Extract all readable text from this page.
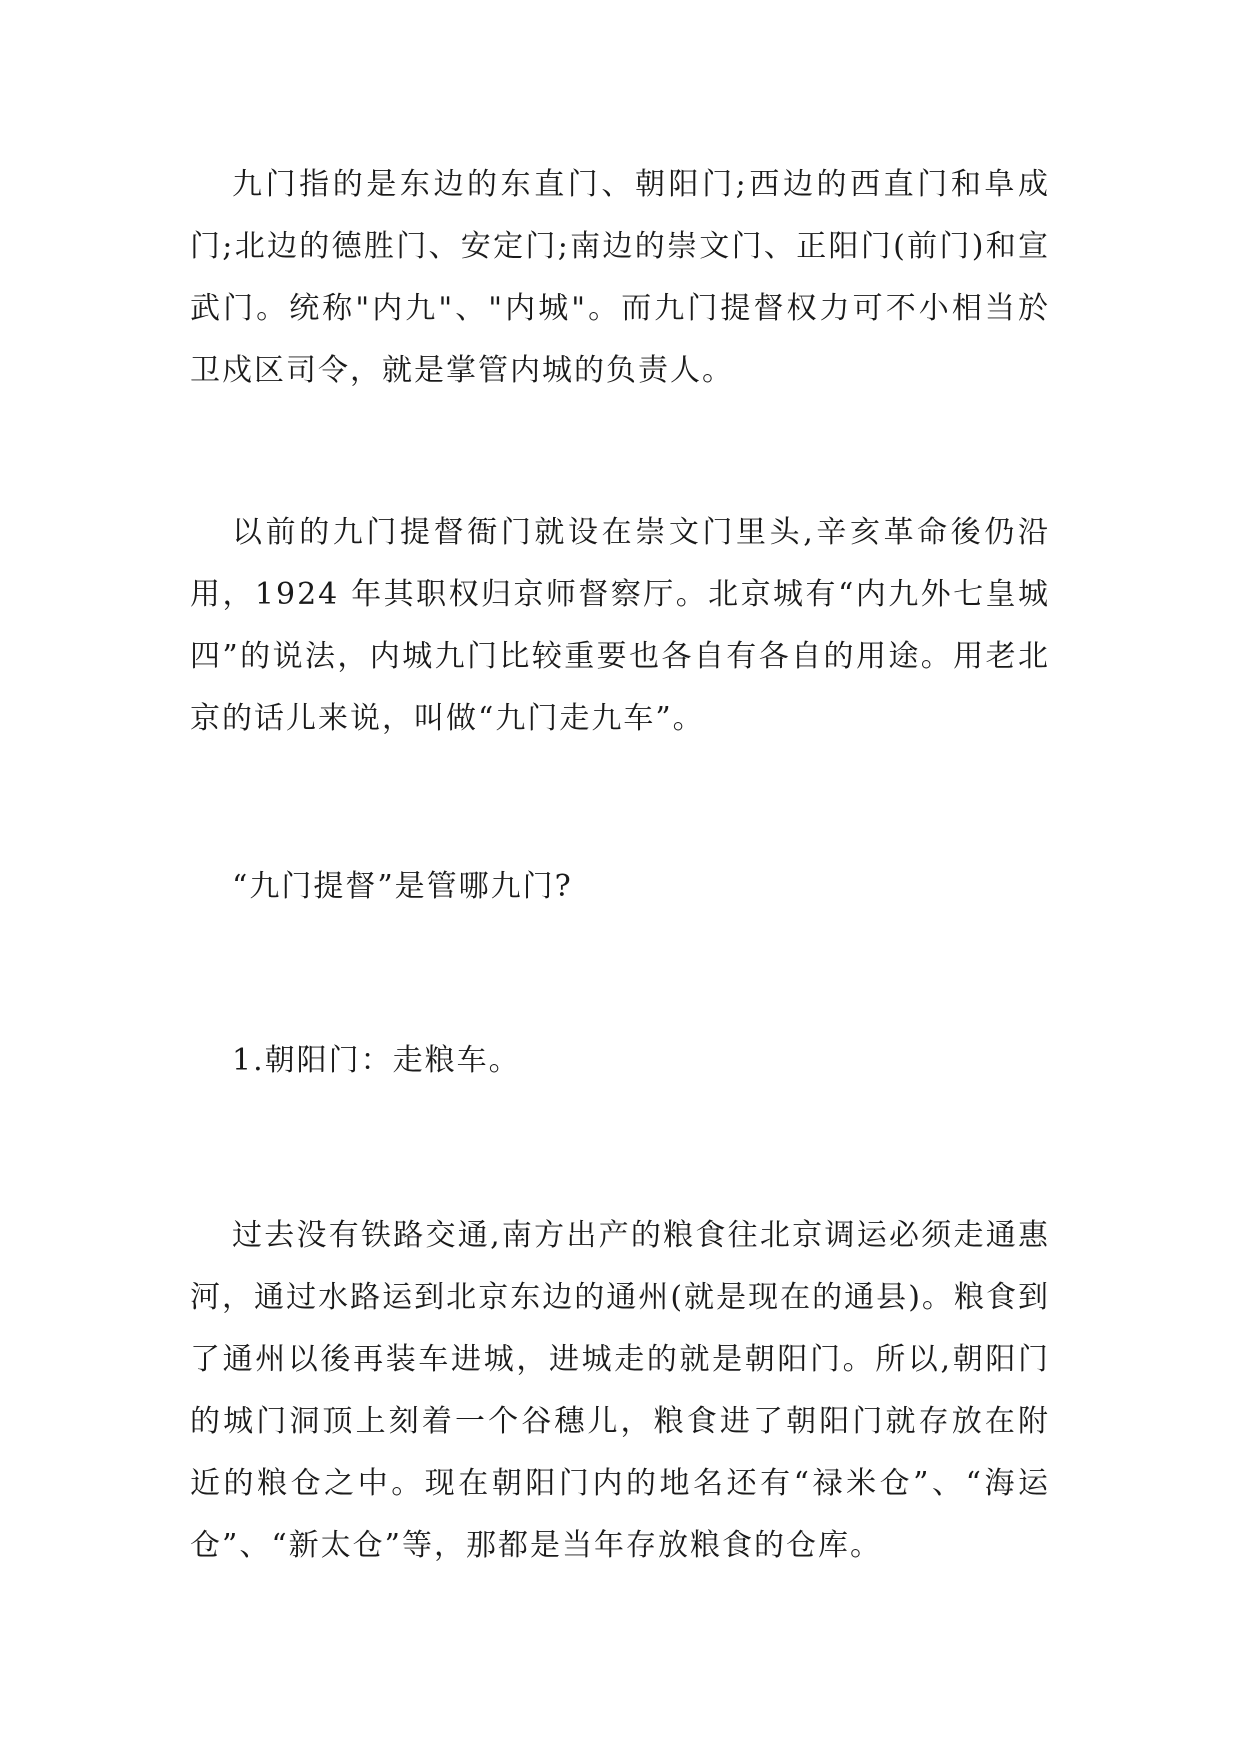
九门指的是东边的东直门、朝阳门;西边的西直门和阜成门;北边的德胜门、安定门;南边的崇文门、正阳门(前门)和宣武门。统称"内九"、"内城"。而九门提督权力可不小相当於卫戍区司令，就是掌管内城的负责人。

以前的九门提督衙门就设在崇文门里头,辛亥革命後仍沿用，1924 年其职权归京师督察厅。北京城有“内九外七皇城四”的说法，内城九门比较重要也各自有各自的用途。用老北京的话儿来说，叫做“九门走九车”。

“九门提督”是管哪九门?

1.朝阳门：走粮车。

过去没有铁路交通,南方出产的粮食往北京调运必须走通惠河，通过水路运到北京东边的通州(就是现在的通县)。粮食到了通州以後再装车进城，进城走的就是朝阳门。所以,朝阳门的城门洞顶上刻着一个谷穗儿，粮食进了朝阳门就存放在附近的粮仓之中。现在朝阳门内的地名还有“禄米仓”、“海运仓”、“新太仓”等，那都是当年存放粮食的仓库。
